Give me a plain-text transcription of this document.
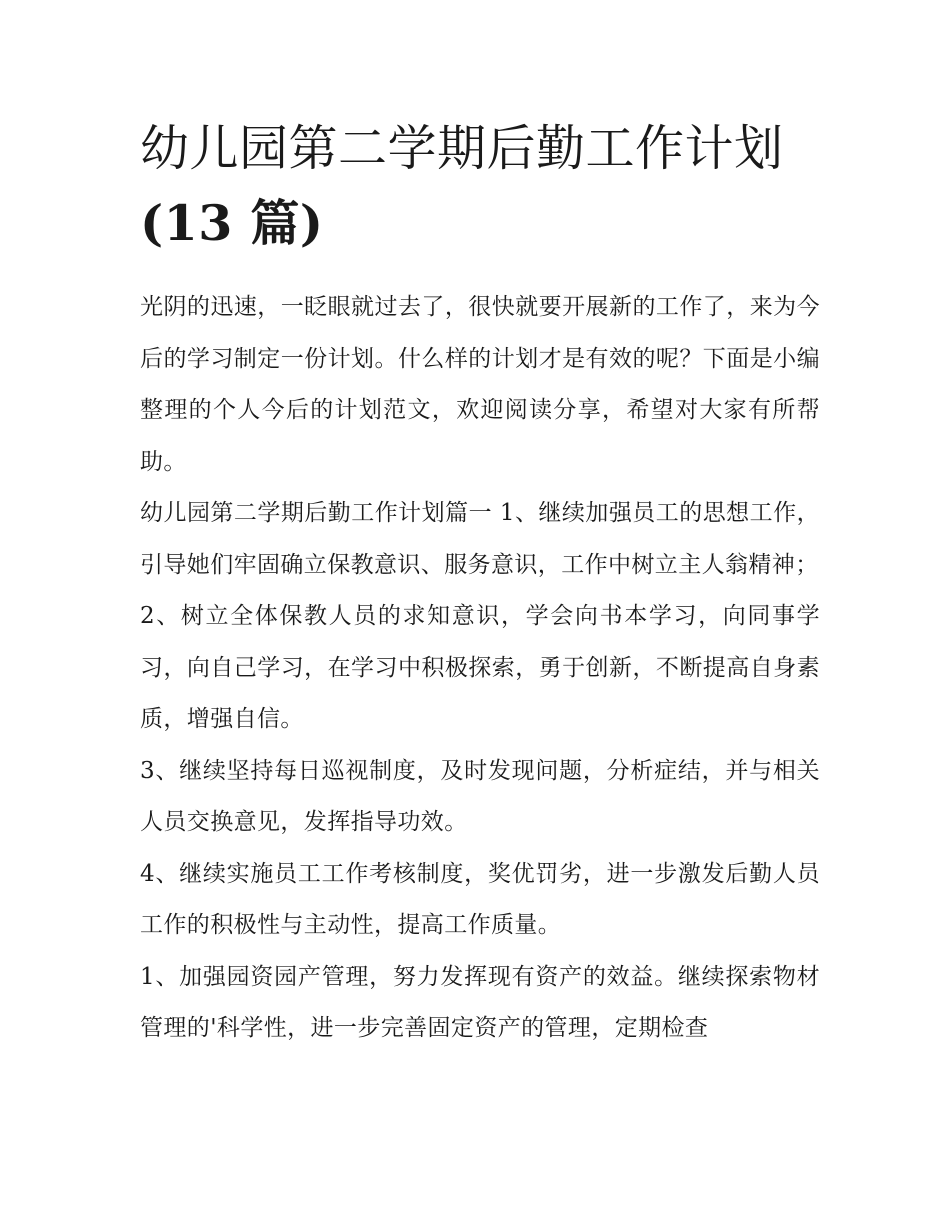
幼儿园第二学期后勤工作计划
(13 篇)

光阴的迅速，一眨眼就过去了，很快就要开展新的工作了，来为今后的学习制定一份计划。什么样的计划才是有效的呢？下面是小编整理的个人今后的计划范文，欢迎阅读分享，希望对大家有所帮助。

幼儿园第二学期后勤工作计划篇一 1、继续加强员工的思想工作，引导她们牢固确立保教意识、服务意识，工作中树立主人翁精神；

2、树立全体保教人员的求知意识，学会向书本学习，向同事学习，向自己学习，在学习中积极探索，勇于创新，不断提高自身素质，增强自信。

3、继续坚持每日巡视制度，及时发现问题，分析症结，并与相关人员交换意见，发挥指导功效。

4、继续实施员工工作考核制度，奖优罚劣，进一步激发后勤人员工作的积极性与主动性，提高工作质量。

1、加强园资园产管理，努力发挥现有资产的效益。继续探索物材管理的'科学性，进一步完善固定资产的管理，定期检查
